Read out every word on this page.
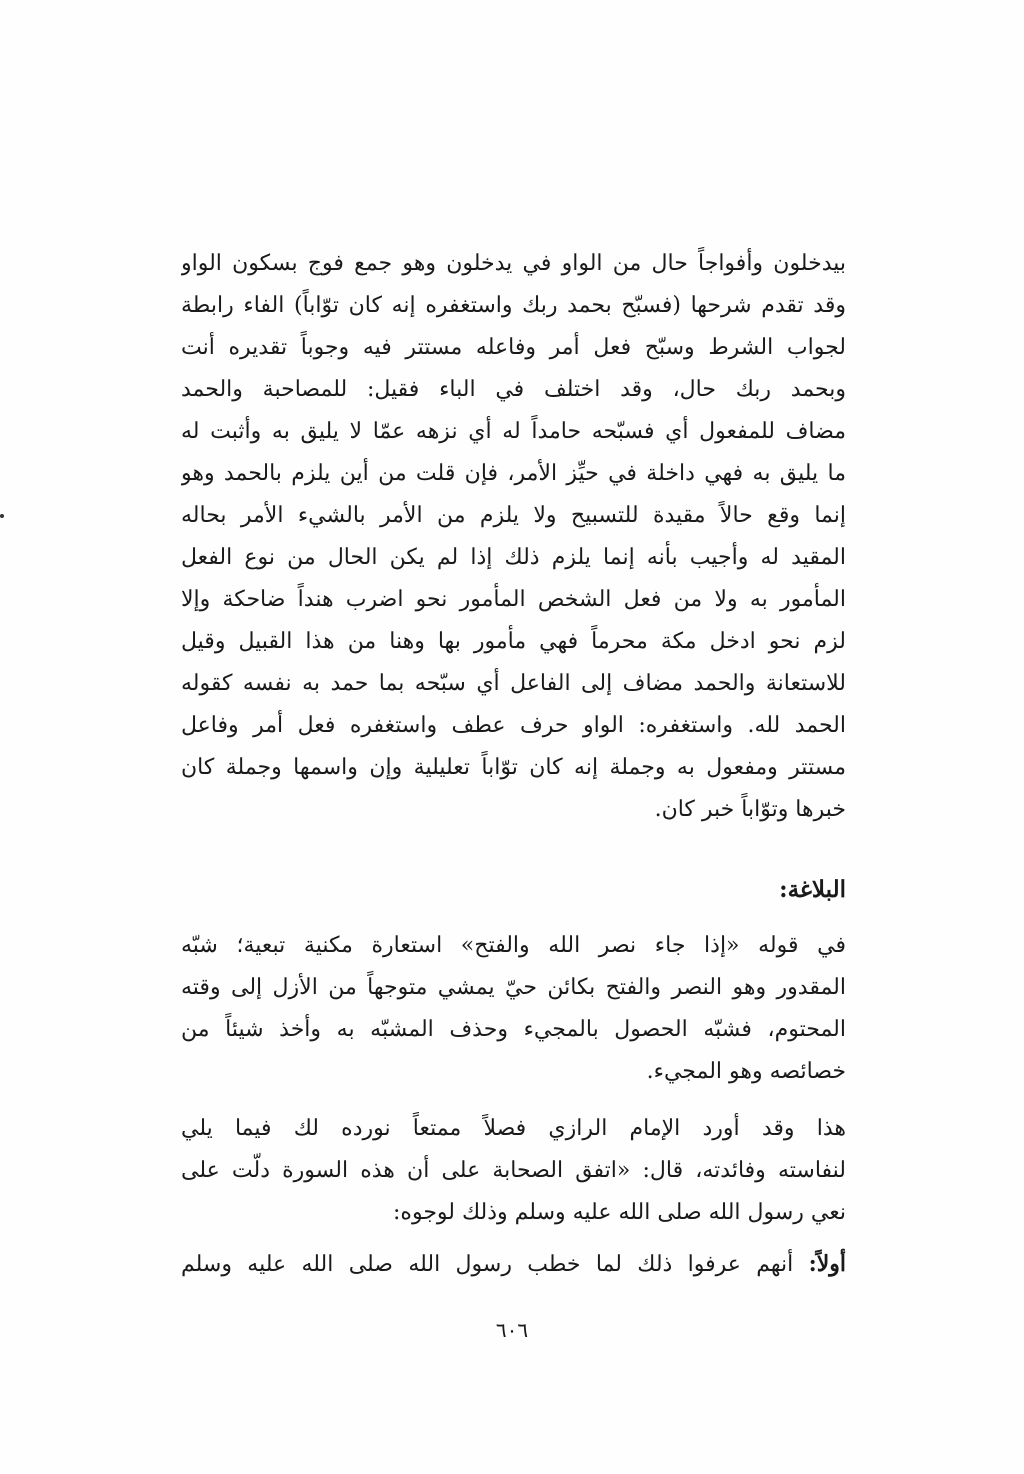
بيدخلون وأفواجاً حال من الواو في يدخلون وهو جمع فوج بسكون الواو
وقد تقدم شرحها (فسبّح بحمد ربك واستغفره إنه كان توّاباً) الفاء رابطة
لجواب الشرط وسبّح فعل أمر وفاعله مستتر فيه وجوباً تقديره أنت
وبحمد ربك حال، وقد اختلف في الباء فقيل: للمصاحبة والحمد
مضاف للمفعول أي فسبّحه حامداً له أي نزهه عمّا لا يليق به وأثبت له
ما يليق به فهي داخلة في حيِّز الأمر، فإن قلت من أين يلزم بالحمد وهو
إنما وقع حالاً مقيدة للتسبيح ولا يلزم من الأمر بالشيء الأمر بحاله
المقيد له وأجيب بأنه إنما يلزم ذلك إذا لم يكن الحال من نوع الفعل
المأمور به ولا من فعل الشخص المأمور نحو اضرب هنداً ضاحكة وإلا
لزم نحو ادخل مكة محرماً فهي مأمور بها وهنا من هذا القبيل وقيل
للاستعانة والحمد مضاف إلى الفاعل أي سبّحه بما حمد به نفسه كقوله
الحمد لله. واستغفره: الواو حرف عطف واستغفره فعل أمر وفاعل
مستتر ومفعول به وجملة إنه كان توّاباً تعليلية وإن واسمها وجملة كان
خبرها وتوّاباً خبر كان.
البلاغة:
في قوله «إذا جاء نصر الله والفتح» استعارة مكنية تبعية؛ شبّه
المقدور وهو النصر والفتح بكائن حيّ يمشي متوجهاً من الأزل إلى وقته
المحتوم، فشبّه الحصول بالمجيء وحذف المشبّه به وأخذ شيئاً من
خصائصه وهو المجيء.
هذا وقد أورد الإمام الرازي فصلاً ممتعاً نورده لك فيما يلي
لنفاسته وفائدته، قال: «اتفق الصحابة على أن هذه السورة دلّت على
نعي رسول الله صلى الله عليه وسلم وذلك لوجوه:
أولاً: أنهم عرفوا ذلك لما خطب رسول الله صلى الله عليه وسلم
٦٠٦
